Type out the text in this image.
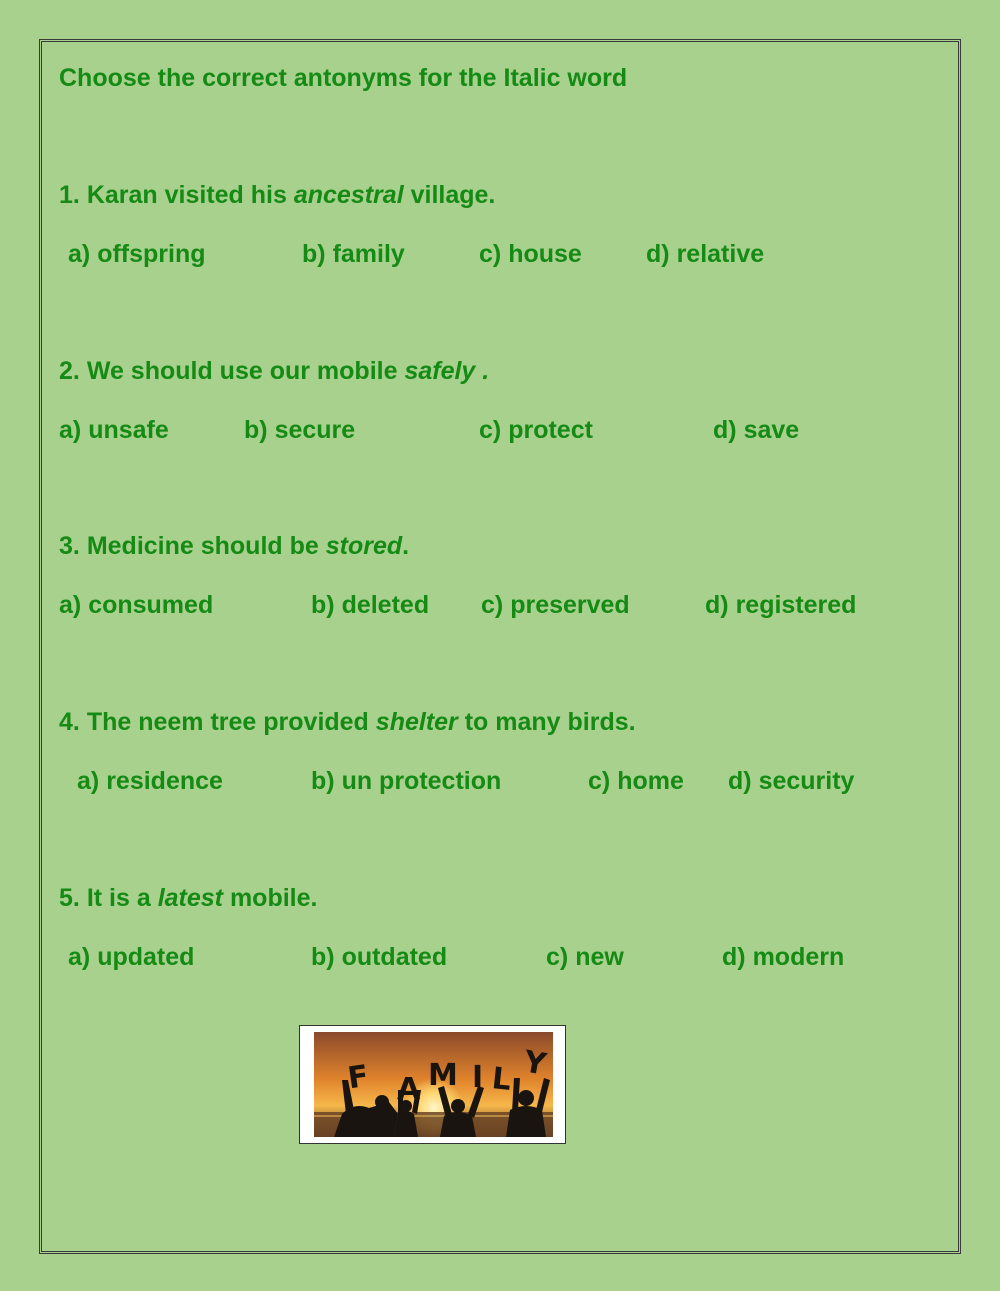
Choose the correct antonyms for the Italic word
1. Karan visited his ancestral village.
a) offspring	b) family	c) house	d) relative
2. We should use our mobile safely .
a) unsafe	b) secure	c) protect	d) save
3. Medicine should be stored.
a) consumed	b) deleted c) preserved	d) registered
4. The neem tree provided shelter to many birds.
a) residence	b) un protection	c) home d) security
5. It is a latest mobile.
a) updated	b) outdated	c) new	d) modern
F A M I L Y
